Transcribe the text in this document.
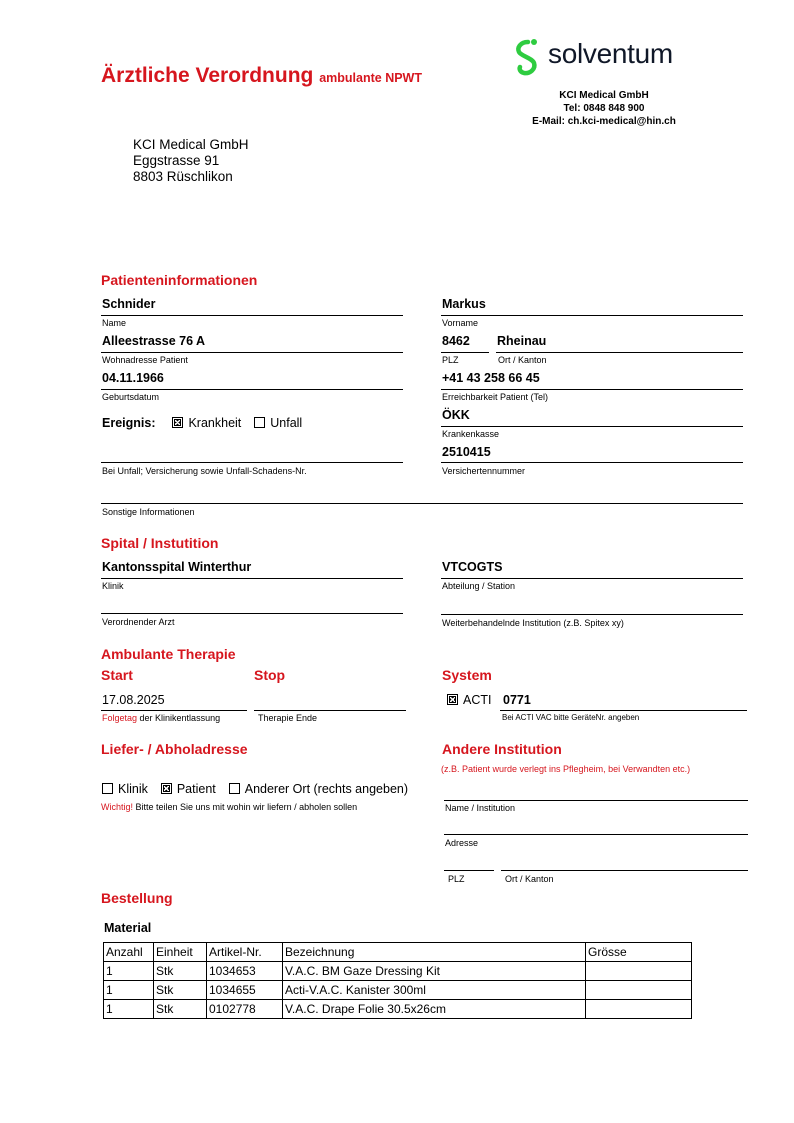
Ärztliche Verordnung ambulante NPWT
solventum
KCI Medical GmbH
Tel: 0848 848 900
E-Mail: ch.kci-medical@hin.ch
KCI Medical GmbH
Eggstrasse 91
8803 Rüschlikon
Patienteninformationen
Schnider
Name
Markus
Vorname
Alleestrasse 76 A
Wohnadresse Patient
8462
PLZ
Rheinau
Ort / Kanton
04.11.1966
Geburtsdatum
+41 43 258 66 45
Erreichbarkeit Patient (Tel)
Ereignis:	Krankheit Unfall
ÖKK
Krankenkasse
Bei Unfall; Versicherung sowie Unfall-Schadens-Nr.
2510415
Versichertennummer
Sonstige Informationen
Spital / Instutition
Kantonsspital Winterthur
Klinik
VTCOGTS
Abteilung / Station
Verordnender Arzt	Weiterbehandelnde Institution (z.B. Spitex xy)
Ambulante Therapie
Start	Stop	System
17.08.2025
Folgetag der Klinikentlassung	Therapie Ende
ACTI 0771
Bei ACTI VAC bitte GeräteNr. angeben
Liefer- / Abholadresse
Klinik Patient Anderer Ort (rechts angeben)
Wichtig! Bitte teilen Sie uns mit wohin wir liefern / abholen sollen
Andere Institution
(z.B. Patient wurde verlegt ins Pflegheim, bei Verwandten etc.)
Name / Institution
Adresse
PLZ	Ort / Kanton
Bestellung
Material
Anzahl	Einheit	Artikel-Nr.	Bezeichnung	Grösse
1	Stk	1034653	V.A.C. BM Gaze Dressing Kit	
1	Stk	1034655	Acti-V.A.C. Kanister 300ml	
1	Stk	0102778	V.A.C. Drape Folie 30.5x26cm	
